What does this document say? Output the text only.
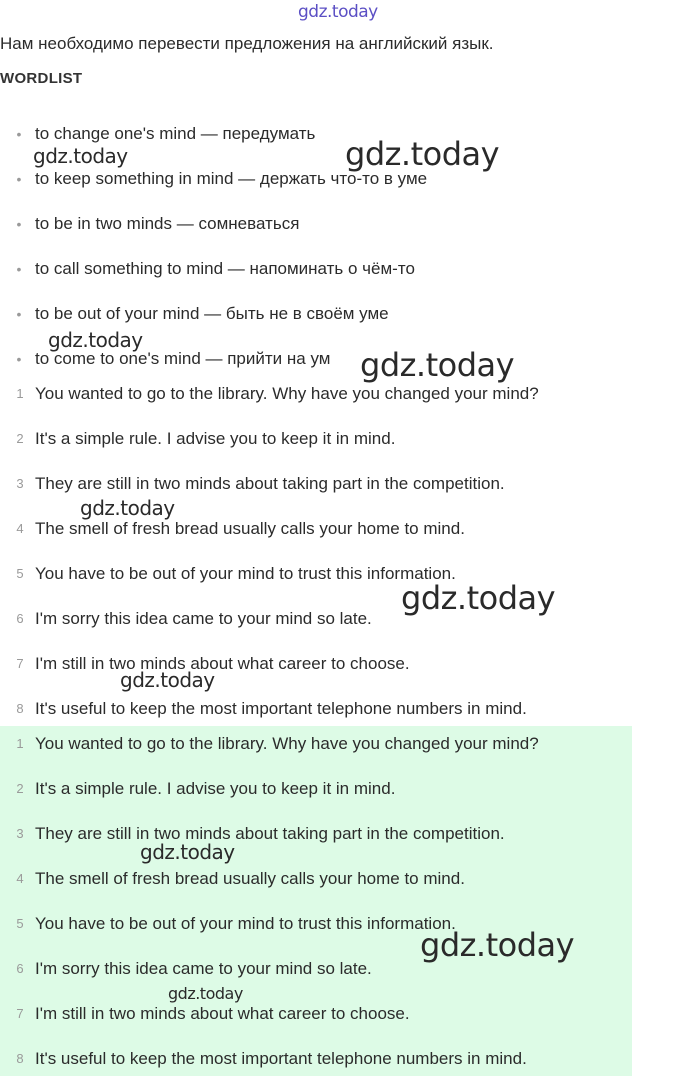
gdz.today
Нам необходимо перевести предложения на английский язык.
WORDLIST
• to change one's mind — передумать
• to keep something in mind — держать что-то в уме
• to be in two minds — сомневаться
• to call something to mind — напоминать о чём-то
• to be out of your mind — быть не в своём уме
• to come to one's mind — прийти на ум
1 You wanted to go to the library. Why have you changed your mind?
2 It's a simple rule. I advise you to keep it in mind.
3 They are still in two minds about taking part in the competition.
4 The smell of fresh bread usually calls your home to mind.
5 You have to be out of your mind to trust this information.
6 I'm sorry this idea came to your mind so late.
7 I'm still in two minds about what career to choose.
8 It's useful to keep the most important telephone numbers in mind.
1 You wanted to go to the library. Why have you changed your mind?
2 It's a simple rule. I advise you to keep it in mind.
3 They are still in two minds about taking part in the competition.
4 The smell of fresh bread usually calls your home to mind.
5 You have to be out of your mind to trust this information.
6 I'm sorry this idea came to your mind so late.
7 I'm still in two minds about what career to choose.
8 It's useful to keep the most important telephone numbers in mind.
gdz.today	gdz.today
gdz.today
gdz.today
gdz.today
gdz.today
gdz.today
gdz.today
gdz.today
gdz.today
